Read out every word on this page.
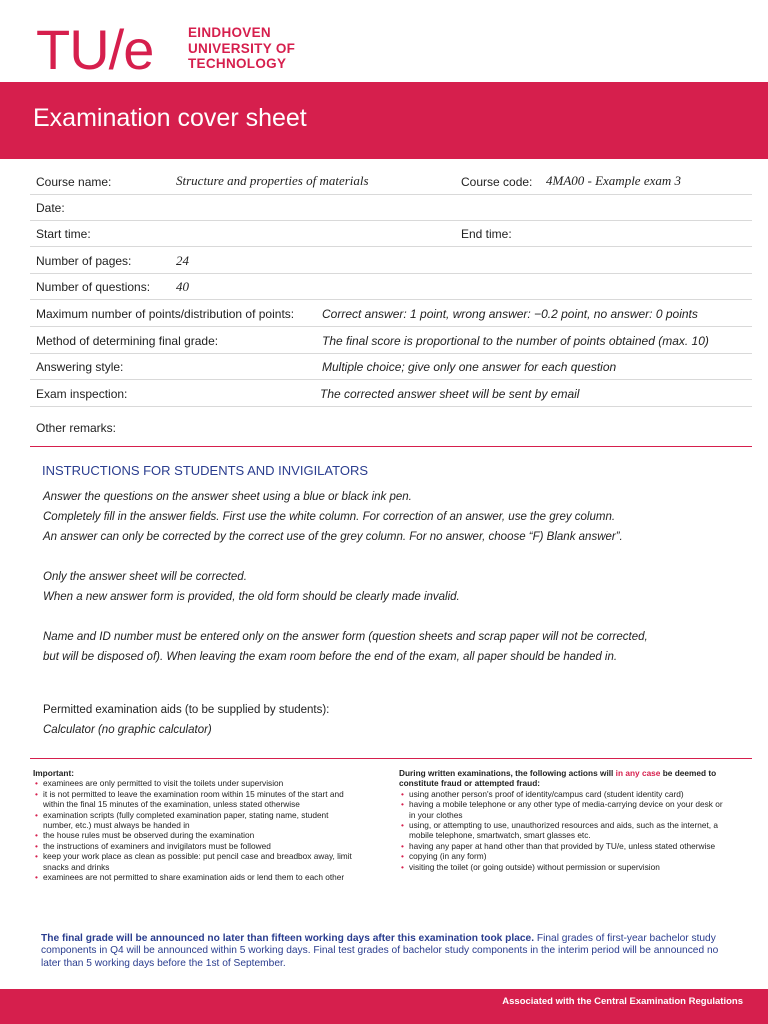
TU/e	EINDHOVEN
UNIVERSITY OF
TECHNOLOGY
Examination cover sheet
Course name:	Structure and properties of materials	Course code: 4MA00 - Example exam 3
Date:
Start time:	End time:
Number of pages:	24
Number of questions: 40
Maximum number of points/distribution of points: Correct answer: 1 point, wrong answer: −0.2 point, no answer: 0 points
Method of determining final grade:	The final score is proportional to the number of points obtained (max. 10)
Answering style:	Multiple choice; give only one answer for each question
Exam inspection:	The corrected answer sheet will be sent by email
Other remarks:
INSTRUCTIONS FOR STUDENTS AND INVIGILATORS
Answer the questions on the answer sheet using a blue or black ink pen.
Completely fill in the answer fields. First use the white column. For correction of an answer, use the grey column.
An answer can only be corrected by the correct use of the grey column. For no answer, choose “F) Blank answer”.
Only the answer sheet will be corrected.
When a new answer form is provided, the old form should be clearly made invalid.
Name and ID number must be entered only on the answer form (question sheets and scrap paper will not be corrected,
but will be disposed of). When leaving the exam room before the end of the exam, all paper should be handed in.
Permitted examination aids (to be supplied by students):
Calculator (no graphic calculator)
Important:
• examinees are only permitted to visit the toilets under supervision
• it is not permitted to leave the examination room within 15 minutes of the start and within the final 15 minutes of the examination, unless stated otherwise
• examination scripts (fully completed examination paper, stating name, student number, etc.) must always be handed in
• the house rules must be observed during the examination
• the instructions of examiners and invigilators must be followed
• keep your work place as clean as possible: put pencil case and breadbox away, limit snacks and drinks
• examinees are not permitted to share examination aids or lend them to each other
During written examinations, the following actions will in any case be deemed to constitute fraud or attempted fraud:
• using another person's proof of identity/campus card (student identity card)
• having a mobile telephone or any other type of media-carrying device on your desk or in your clothes
• using, or attempting to use, unauthorized resources and aids, such as the internet, a mobile telephone, smartwatch, smart glasses etc.
• having any paper at hand other than that provided by TU/e, unless stated otherwise
• copying (in any form)
• visiting the toilet (or going outside) without permission or supervision
The final grade will be announced no later than fifteen working days after this examination took place. Final grades of first-year bachelor study components in Q4 will be announced within 5 working days. Final test grades of bachelor study components in the interim period will be announced no later than 5 working days before the 1st of September.
Associated with the Central Examination Regulations
